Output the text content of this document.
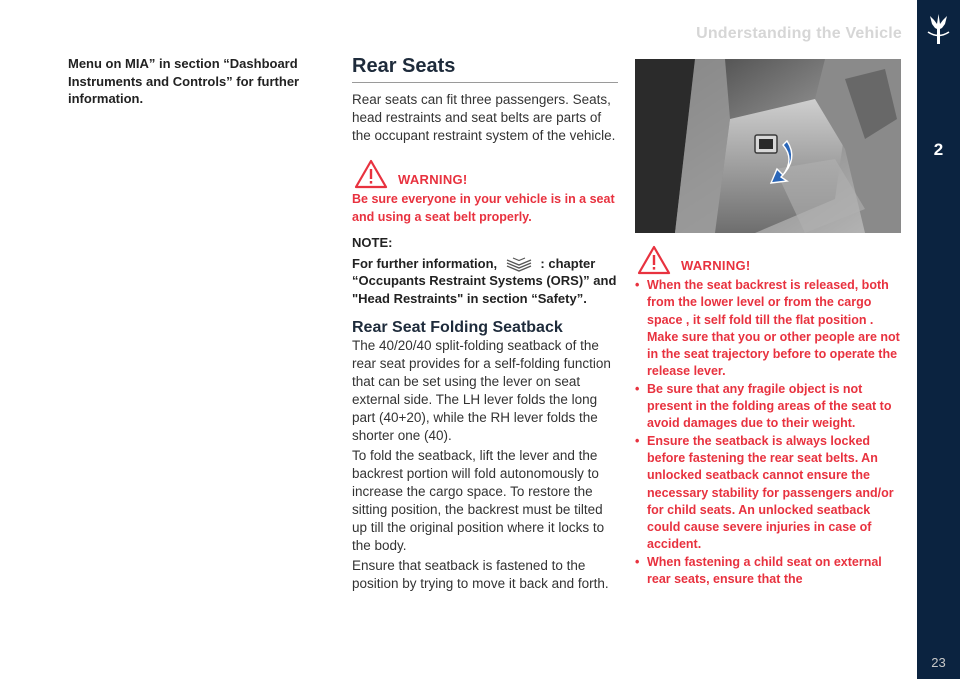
Understanding the Vehicle
2
23

Menu on MIA” in section “Dashboard Instruments and Controls” for further information.

Rear Seats

Rear seats can fit three passengers. Seats, head restraints and seat belts are parts of the occupant restraint system of the vehicle.

WARNING!

Be sure everyone in your vehicle is in a seat and using a seat belt properly.

NOTE:

For further information,	: chapter “Occupants Restraint Systems (ORS)” and "Head Restraints" in section “Safety”.

Rear Seat Folding Seatback

The 40/20/40 split-folding seatback of the rear seat provides for a self-folding function that can be set using the lever on seat external side. The LH lever folds the long part (40+20), while the RH lever folds the shorter one (40).

To fold the seatback, lift the lever and the backrest portion will fold autonomously to increase the cargo space. To restore the sitting position, the backrest must be tilted up till the original position where it locks to the body.

Ensure that seatback is fastened to the position by trying to move it back and forth.

WARNING!
• When the seat backrest is released, both from the lower level or from the cargo space , it self fold till the flat position . Make sure that you or other people are not in the seat trajectory before to operate the release lever.
• Be sure that any fragile object is not present in the folding areas of the seat to avoid damages due to their weight.
• Ensure the seatback is always locked before fastening the rear seat belts. An unlocked seatback cannot ensure the necessary stability for passengers and/or for child seats. An unlocked seatback could cause severe injuries in case of accident.
• When fastening a child seat on external rear seats, ensure that the
